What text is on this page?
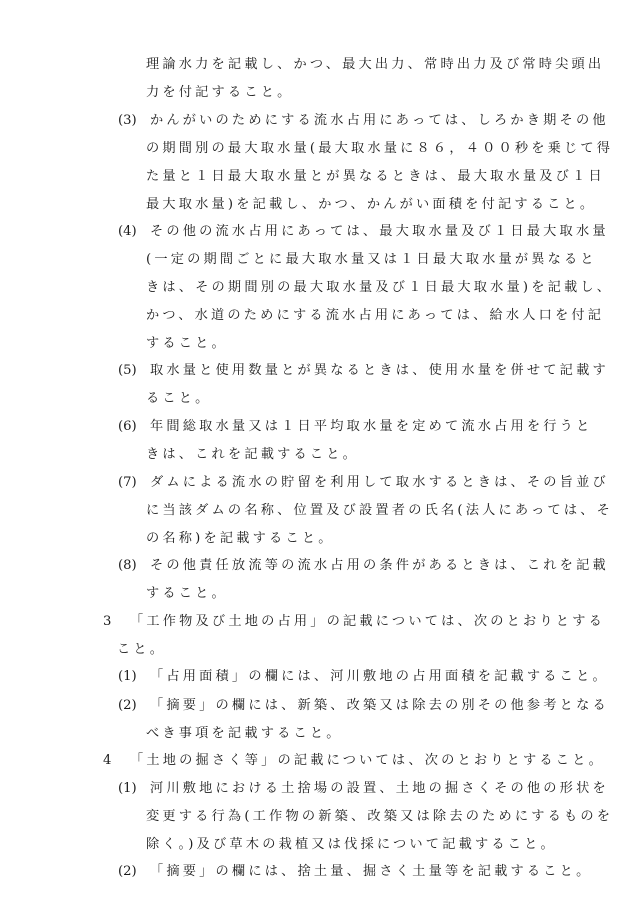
理論水力を記載し、かつ、最大出力、常時出力及び常時尖頭出
力を付記すること。
(3) かんがいのためにする流水占用にあっては、しろかき期その他
の期間別の最大取水量(最大取水量に８６，４００秒を乗じて得
た量と１日最大取水量とが異なるときは、最大取水量及び１日
最大取水量)を記載し、かつ、かんがい面積を付記すること。
(4) その他の流水占用にあっては、最大取水量及び１日最大取水量
(一定の期間ごとに最大取水量又は１日最大取水量が異なると
きは、その期間別の最大取水量及び１日最大取水量)を記載し、
かつ、水道のためにする流水占用にあっては、給水人口を付記
すること。
(5) 取水量と使用数量とが異なるときは、使用水量を併せて記載す
ること。
(6) 年間総取水量又は１日平均取水量を定めて流水占用を行うと
きは、これを記載すること。
(7) ダムによる流水の貯留を利用して取水するときは、その旨並び
に当該ダムの名称、位置及び設置者の氏名(法人にあっては、そ
の名称)を記載すること。
(8) その他責任放流等の流水占用の条件があるときは、これを記載
すること。
3 「工作物及び土地の占用」の記載については、次のとおりとする
こと。
(1) 「占用面積」の欄には、河川敷地の占用面積を記載すること。
(2) 「摘要」の欄には、新築、改築又は除去の別その他参考となる
べき事項を記載すること。
4 「土地の掘さく等」の記載については、次のとおりとすること。
(1) 河川敷地における土捨場の設置、土地の掘さくその他の形状を
変更する行為(工作物の新築、改築又は除去のためにするものを
除く。)及び草木の栽植又は伐採について記載すること。
(2) 「摘要」の欄には、捨土量、掘さく土量等を記載すること。
